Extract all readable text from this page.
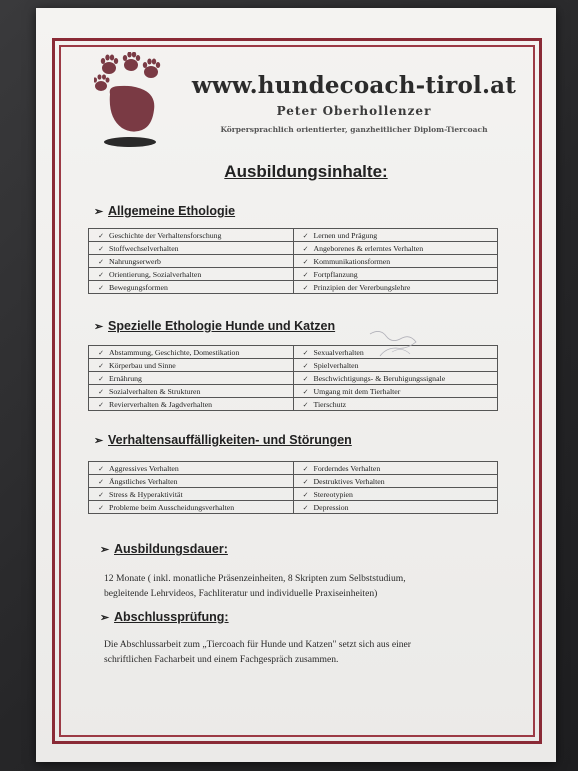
www.hundecoach-tirol.at
Peter Oberhollenzer
Körpersprachlich orientierter, ganzheitlicher Diplom-Tiercoach
Ausbildungsinhalte:
➢ Allgemeine Ethologie
✓ Geschichte der Verhaltensforschung	✓ Lernen und Prägung
✓ Stoffwechselverhalten	✓ Angeborenes & erlerntes Verhalten
✓ Nahrungserwerb	✓ Kommunikationsformen
✓ Orientierung, Sozialverhalten	✓ Fortpflanzung
✓ Bewegungsformen	✓ Prinzipien der Vererbungslehre
➢ Spezielle Ethologie Hunde und Katzen
✓ Abstammung, Geschichte, Domestikation	✓ Sexualverhalten
✓ Körperbau und Sinne	✓ Spielverhalten
✓ Ernährung	✓ Beschwichtigungs- & Beruhigungssignale
✓ Sozialverhalten & Strukturen	✓ Umgang mit dem Tierhalter
✓ Revierverhalten & Jagdverhalten	✓ Tierschutz
➢ Verhaltensauffälligkeiten- und Störungen
✓ Aggressives Verhalten	✓ Forderndes Verhalten
✓ Ängstliches Verhalten	✓ Destruktives Verhalten
✓ Stress & Hyperaktivität	✓ Stereotypien
✓ Probleme beim Ausscheidungsverhalten	✓ Depression
➢ Ausbildungsdauer:
12 Monate ( inkl. monatliche Präsenzeinheiten, 8 Skripten zum Selbststudium,
begleitende Lehrvideos, Fachliteratur und individuelle Praxiseinheiten)
➢ Abschlussprüfung:
Die Abschlussarbeit zum „Tiercoach für Hunde und Katzen" setzt sich aus einer
schriftlichen Facharbeit und einem Fachgespräch zusammen.
